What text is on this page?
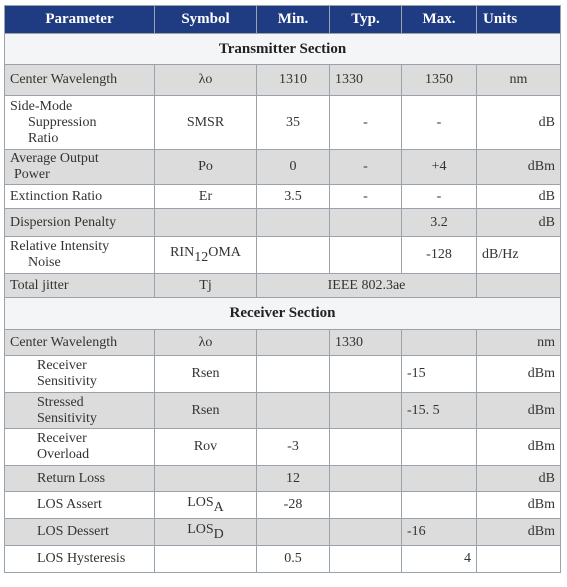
Parameter	Symbol	Min.	Typ.	Max.	Units
Transmitter Section					
Center Wavelength	λo	1310	1330	1350	nm

Side-Mode
Suppression
Ratio	SMSR	35	-	-	dB

Average Output
Power	Po	0	-	+4	dBm
Extinction Ratio	Er	3.5	-	-	dB
Dispersion Penalty				3.2	dB

Relative Intensity
Noise	$RIN_{12}OMA$			-128	dB/Hz
Total jitter	Tj	IEEE 802.3ae			
Receiver Section					
Center Wavelength	λo		1330		nm

Receiver
Sensitivity	Rsen			-15	dBm

Stressed
Sensitivity	Rsen			-15. 5	dBm

Receiver
Overload	Rov	-3			dBm
Return Loss		12			dB
LOS Assert	$LOS_A$	-28			dBm
LOS Dessert	$LOS_D$			-16	dBm
LOS Hysteresis		0.5		4	
